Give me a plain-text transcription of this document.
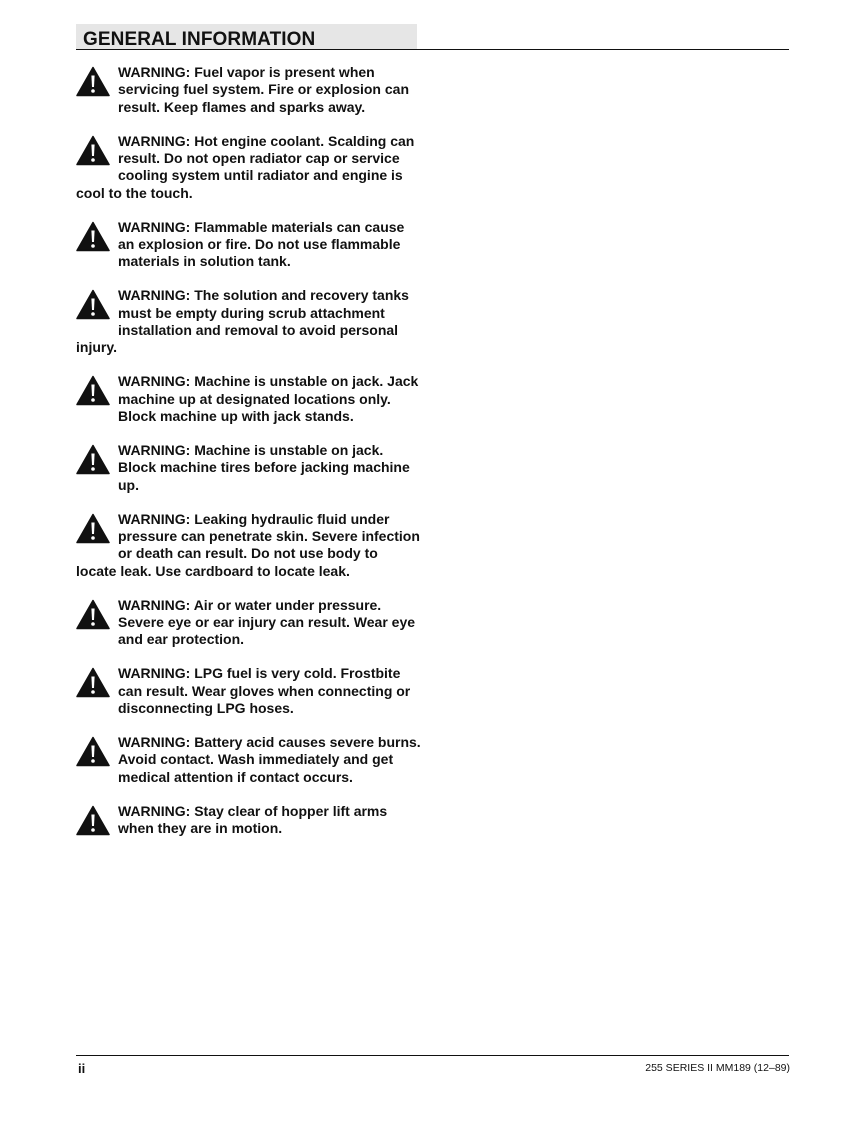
GENERAL INFORMATION
WARNING: Fuel vapor is present when servicing fuel system. Fire or explosion can result. Keep flames and sparks away.
WARNING: Hot engine coolant. Scalding can result. Do not open radiator cap or service cooling system until radiator and engine is cool to the touch.
WARNING: Flammable materials can cause an explosion or fire. Do not use flammable materials in solution tank.
WARNING: The solution and recovery tanks must be empty during scrub attachment installation and removal to avoid personal injury.
WARNING: Machine is unstable on jack. Jack machine up at designated locations only. Block machine up with jack stands.
WARNING: Machine is unstable on jack. Block machine tires before jacking machine up.
WARNING: Leaking hydraulic fluid under pressure can penetrate skin. Severe infection or death can result. Do not use body to locate leak. Use cardboard to locate leak.
WARNING: Air or water under pressure. Severe eye or ear injury can result. Wear eye and ear protection.
WARNING: LPG fuel is very cold. Frostbite can result. Wear gloves when connecting or disconnecting LPG hoses.
WARNING: Battery acid causes severe burns. Avoid contact. Wash immediately and get medical attention if contact occurs.
WARNING: Stay clear of hopper lift arms when they are in motion.
ii	255 SERIES II MM189 (12–89)
